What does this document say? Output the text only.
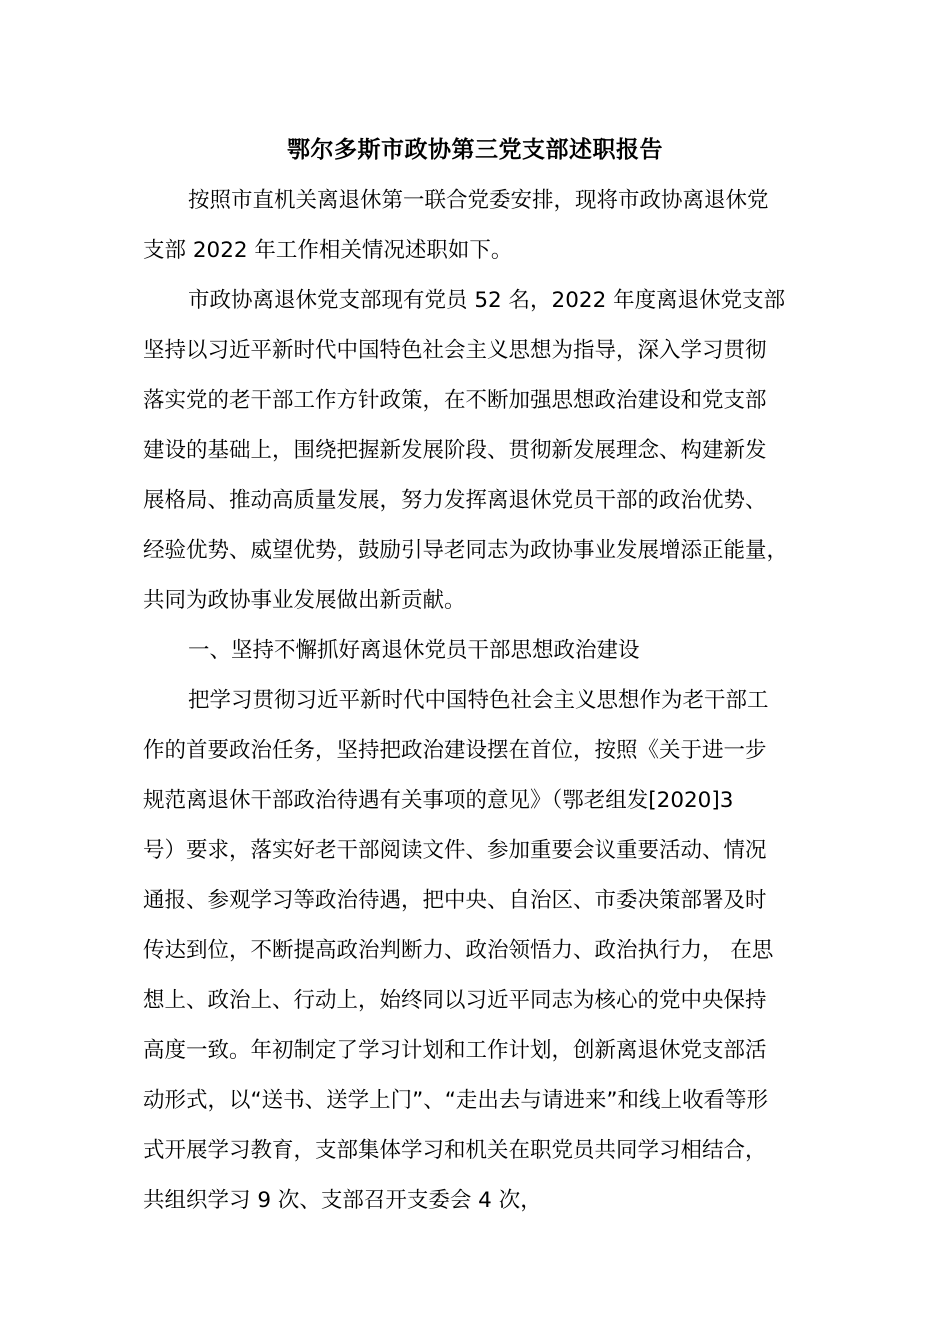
鄂尔多斯市政协第三党支部述职报告
按照市直机关离退休第一联合党委安排，现将市政协离退休党
支部 2022 年工作相关情况述职如下。
市政协离退休党支部现有党员 52 名，2022 年度离退休党支部
坚持以习近平新时代中国特色社会主义思想为指导，深入学习贯彻
落实党的老干部工作方针政策，在不断加强思想政治建设和党支部
建设的基础上，围绕把握新发展阶段、贯彻新发展理念、构建新发
展格局、推动高质量发展，努力发挥离退休党员干部的政治优势、
经验优势、威望优势，鼓励引导老同志为政协事业发展增添正能量，
共同为政协事业发展做出新贡献。
一、坚持不懈抓好离退休党员干部思想政治建设
把学习贯彻习近平新时代中国特色社会主义思想作为老干部工
作的首要政治任务，坚持把政治建设摆在首位，按照《关于进一步
规范离退休干部政治待遇有关事项的意见》（鄂老组发[2020]3
号）要求，落实好老干部阅读文件、参加重要会议重要活动、情况
通报、参观学习等政治待遇，把中央、自治区、市委决策部署及时
传达到位，不断提高政治判断力、政治领悟力、政治执行力， 在思
想上、政治上、行动上，始终同以习近平同志为核心的党中央保持
高度一致。年初制定了学习计划和工作计划，创新离退休党支部活
动形式，以“送书、送学上门”、“走出去与请进来”和线上收看等形
式开展学习教育，支部集体学习和机关在职党员共同学习相结合，
共组织学习 9 次、支部召开支委会 4 次，
